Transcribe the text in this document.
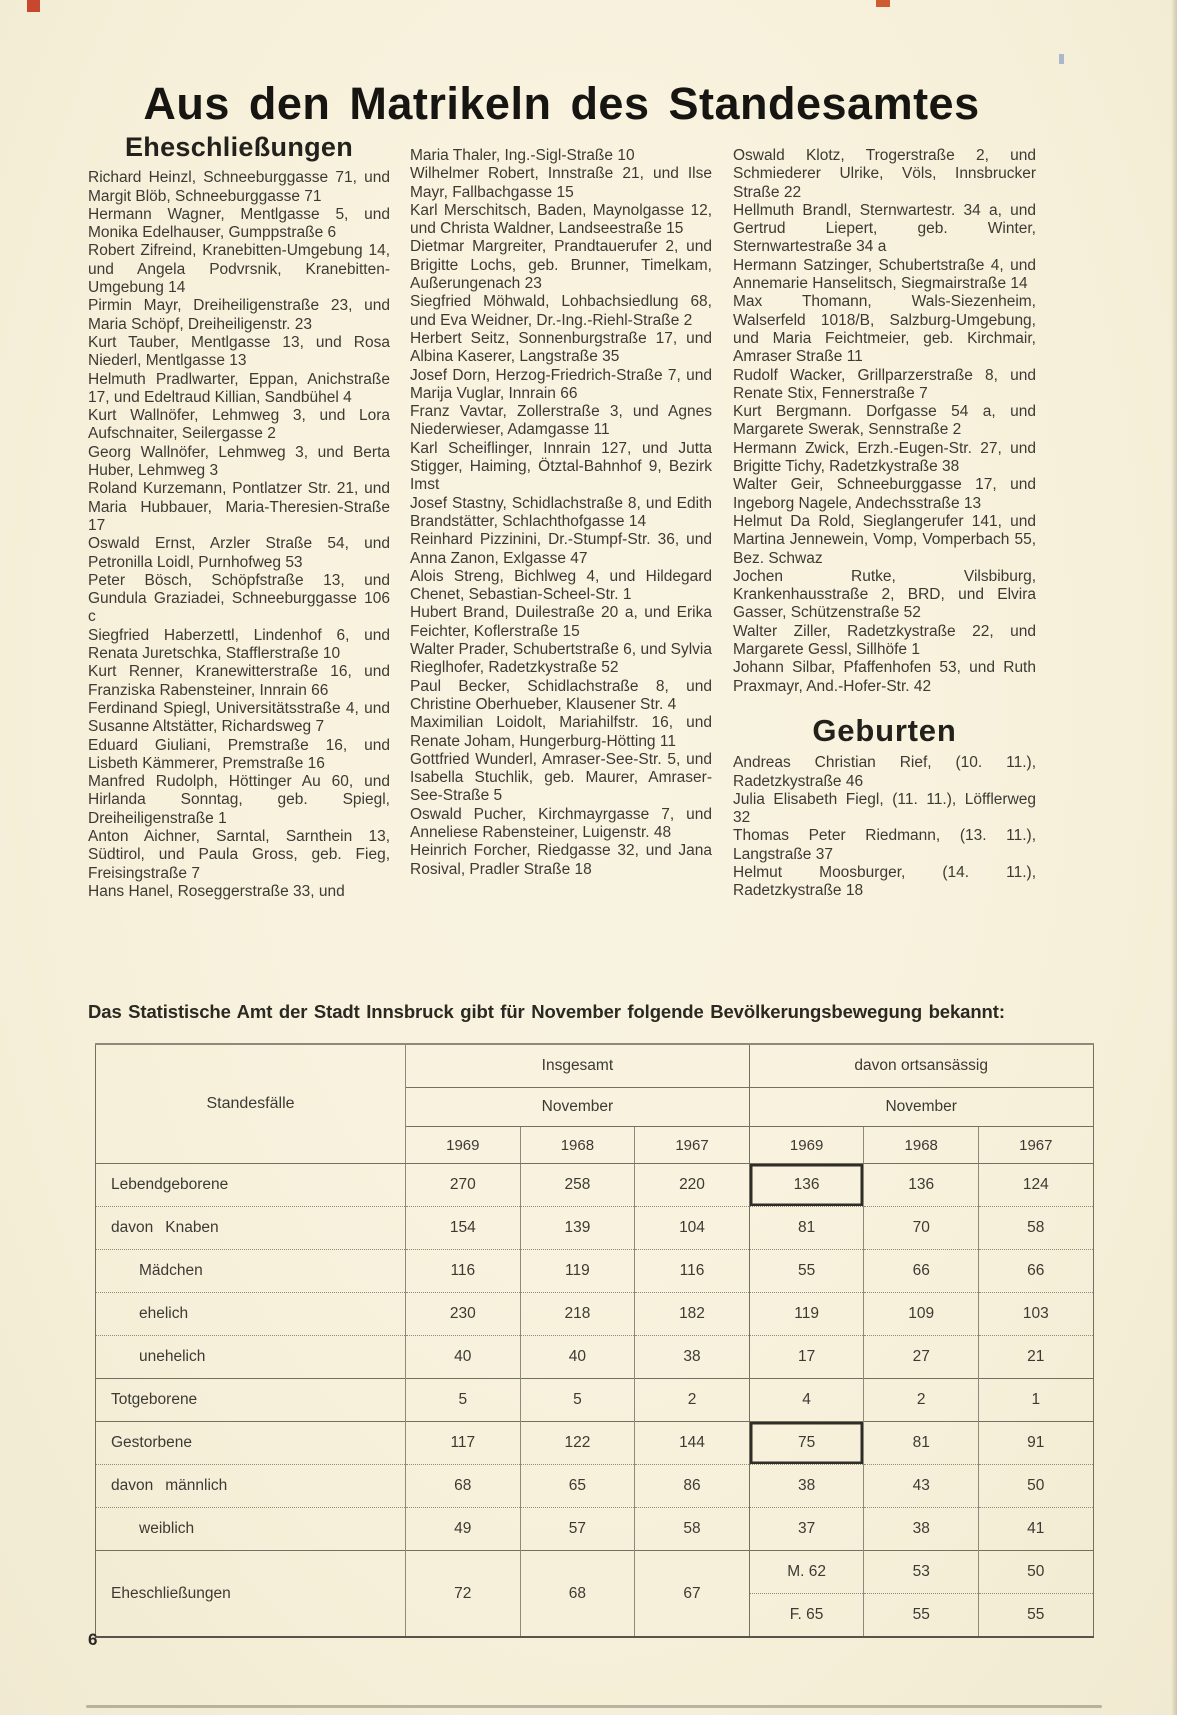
Aus den Matrikeln des Standesamtes
Eheschließungen

Richard Heinzl, Schneeburggasse 71, und Margit Blöb, Schneeburggasse 71

Hermann Wagner, Mentlgasse 5, und Monika Edelhauser, Gumppstraße 6

Robert Zifreind, Kranebitten-Umgebung 14, und Angela Podvrsnik, Kranebitten-Umgebung 14

Pirmin Mayr, Dreiheiligenstraße 23, und Maria Schöpf, Dreiheiligenstr. 23

Kurt Tauber, Mentlgasse 13, und Rosa Niederl, Mentlgasse 13

Helmuth Pradlwarter, Eppan, Anichstraße 17, und Edeltraud Killian, Sandbühel 4

Kurt Wallnöfer, Lehmweg 3, und Lora Aufschnaiter, Seilergasse 2

Georg Wallnöfer, Lehmweg 3, und Berta Huber, Lehmweg 3

Roland Kurzemann, Pontlatzer Str. 21, und Maria Hubbauer, Maria-Theresien-Straße 17

Oswald Ernst, Arzler Straße 54, und Petronilla Loidl, Purnhofweg 53

Peter Bösch, Schöpfstraße 13, und Gundula Graziadei, Schneeburggasse 106 c

Siegfried Haberzettl, Lindenhof 6, und Renata Juretschka, Stafflerstraße 10

Kurt Renner, Kranewitterstraße 16, und Franziska Rabensteiner, Innrain 66

Ferdinand Spiegl, Universitätsstraße 4, und Susanne Altstätter, Richardsweg 7

Eduard Giuliani, Premstraße 16, und Lisbeth Kämmerer, Premstraße 16

Manfred Rudolph, Höttinger Au 60, und Hirlanda Sonntag, geb. Spiegl, Dreiheiligenstraße 1

Anton Aichner, Sarntal, Sarnthein 13, Südtirol, und Paula Gross, geb. Fieg, Freisingstraße 7

Hans Hanel, Roseggerstraße 33, und

Maria Thaler, Ing.-Sigl-Straße 10

Wilhelmer Robert, Innstraße 21, und Ilse Mayr, Fallbachgasse 15

Karl Merschitsch, Baden, Maynolgasse 12, und Christa Waldner, Landseestraße 15

Dietmar Margreiter, Prandtauerufer 2, und Brigitte Lochs, geb. Brunner, Timelkam, Außerungenach 23

Siegfried Möhwald, Lohbachsiedlung 68, und Eva Weidner, Dr.-Ing.-Riehl-Straße 2

Herbert Seitz, Sonnenburgstraße 17, und Albina Kaserer, Langstraße 35

Josef Dorn, Herzog-Friedrich-Straße 7, und Marija Vuglar, Innrain 66

Franz Vavtar, Zollerstraße 3, und Agnes Niederwieser, Adamgasse 11

Karl Scheiflinger, Innrain 127, und Jutta Stigger, Haiming, Ötztal-Bahnhof 9, Bezirk Imst

Josef Stastny, Schidlachstraße 8, und Edith Brandstätter, Schlachthofgasse 14

Reinhard Pizzinini, Dr.-Stumpf-Str. 36, und Anna Zanon, Exlgasse 47

Alois Streng, Bichlweg 4, und Hildegard Chenet, Sebastian-Scheel-Str. 1

Hubert Brand, Duilestraße 20 a, und Erika Feichter, Koflerstraße 15

Walter Prader, Schubertstraße 6, und Sylvia Rieglhofer, Radetzkystraße 52

Paul Becker, Schidlachstraße 8, und Christine Oberhueber, Klausener Str. 4

Maximilian Loidolt, Mariahilfstr. 16, und Renate Joham, Hungerburg-Hötting 11

Gottfried Wunderl, Amraser-See-Str. 5, und Isabella Stuchlik, geb. Maurer, Amraser-See-Straße 5

Oswald Pucher, Kirchmayrgasse 7, und Anneliese Rabensteiner, Luigenstr. 48

Heinrich Forcher, Riedgasse 32, und Jana Rosival, Pradler Straße 18

Oswald Klotz, Trogerstraße 2, und Schmiederer Ulrike, Völs, Innsbrucker Straße 22

Hellmuth Brandl, Sternwartestr. 34 a, und Gertrud Liepert, geb. Winter, Sternwartestraße 34 a

Hermann Satzinger, Schubertstraße 4, und Annemarie Hanselitsch, Siegmairstraße 14

Max Thomann, Wals-Siezenheim, Walserfeld 1018/B, Salzburg-Umgebung, und Maria Feichtmeier, geb. Kirchmair, Amraser Straße 11

Rudolf Wacker, Grillparzerstraße 8, und Renate Stix, Fennerstraße 7

Kurt Bergmann. Dorfgasse 54 a, und Margarete Swerak, Sennstraße 2

Hermann Zwick, Erzh.-Eugen-Str. 27, und Brigitte Tichy, Radetzkystraße 38

Walter Geir, Schneeburggasse 17, und Ingeborg Nagele, Andechsstraße 13

Helmut Da Rold, Sieglangerufer 141, und Martina Jennewein, Vomp, Vomperbach 55, Bez. Schwaz

Jochen Rutke, Vilsbiburg, Krankenhausstraße 2, BRD, und Elvira Gasser, Schützenstraße 52

Walter Ziller, Radetzkystraße 22, und Margarete Gessl, Sillhöfe 1

Johann Silbar, Pfaffenhofen 53, und Ruth Praxmayr, And.-Hofer-Str. 42

Geburten

Andreas Christian Rief, (10. 11.), Radetzkystraße 46

Julia Elisabeth Fiegl, (11. 11.), Löfflerweg 32

Thomas Peter Riedmann, (13. 11.), Langstraße 37

Helmut Moosburger, (14. 11.), Radetzkystraße 18

Das Statistische Amt der Stadt Innsbruck gibt für November folgende Bevölkerungsbewegung bekannt:

Standesfälle	Insgesamt			davon ortsansässig		
	November			November		
	1969	1968	1967	1969	1968	1967
Lebendgeborene	270	258	220	136	136	124
davon Knaben	154	139	104	81	70	58
Mädchen	116	119	116	55	66	66
ehelich	230	218	182	119	109	103
unehelich	40	40	38	17	27	21
Totgeborene	5	5	2	4	2	1
Gestorbene	117	122	144	75	81	91
davon männlich	68	65	86	38	43	50
weiblich	49	57	58	37	38	41
Eheschließungen	72	68	67	M. 62	53	50
				F. 65	55	55
6
